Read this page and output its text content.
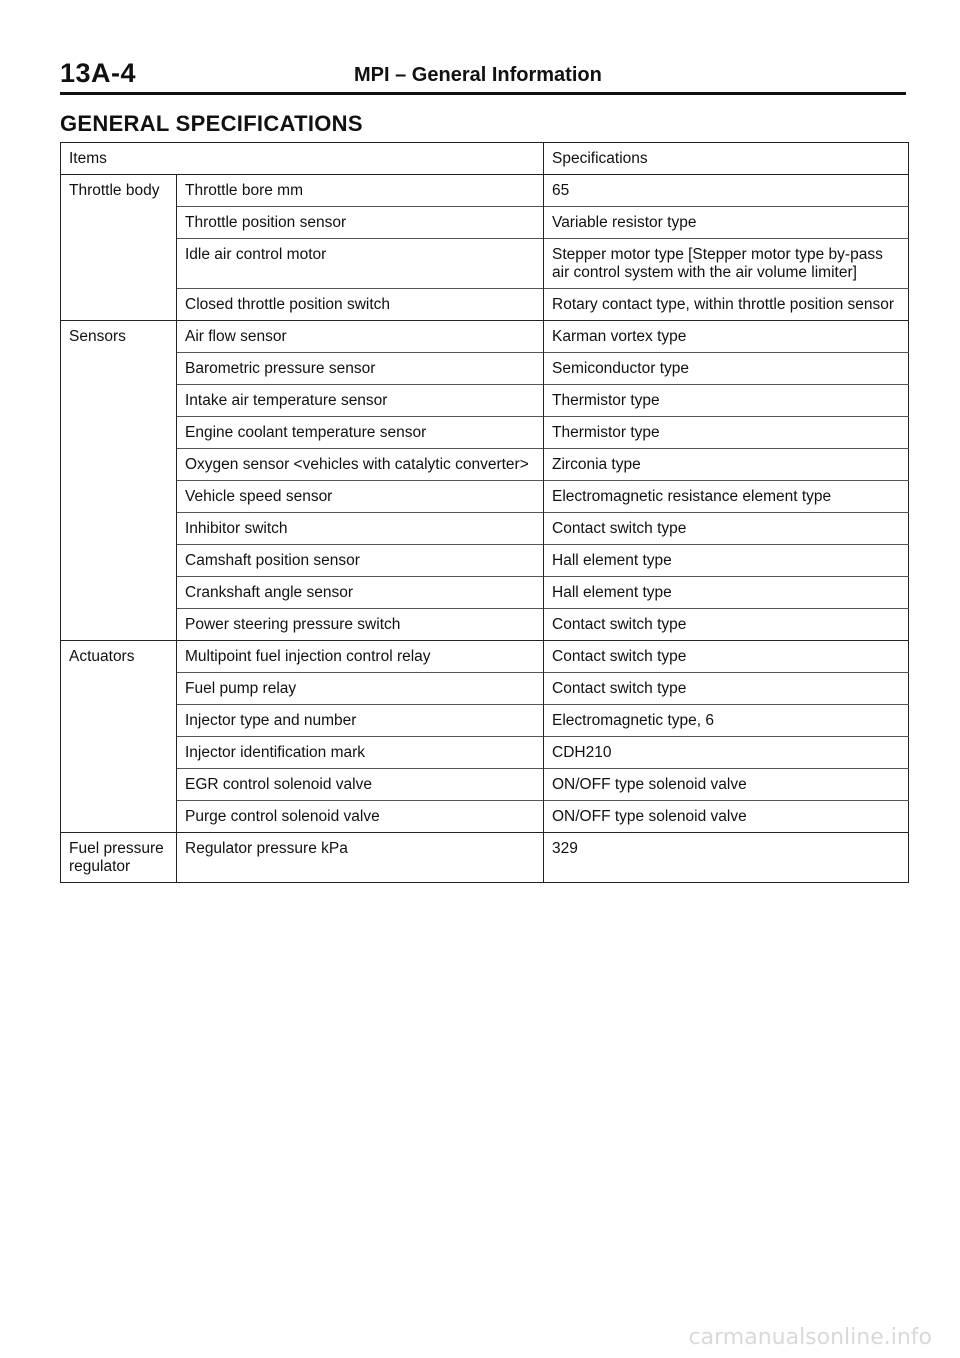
13A-4	MPI – General Information
GENERAL SPECIFICATIONS
Items		Specifications
Throttle body	Throttle bore mm	65
	Throttle position sensor	Variable resistor type
	Idle air control motor	Stepper motor type [Stepper motor type by-pass air control system with the air volume limiter]
	Closed throttle position switch	Rotary contact type, within throttle position sensor
Sensors	Air flow sensor	Karman vortex type
	Barometric pressure sensor	Semiconductor type
	Intake air temperature sensor	Thermistor type
	Engine coolant temperature sensor	Thermistor type
	Oxygen sensor <vehicles with catalytic converter>	Zirconia type
	Vehicle speed sensor	Electromagnetic resistance element type
	Inhibitor switch	Contact switch type
	Camshaft position sensor	Hall element type
	Crankshaft angle sensor	Hall element type
	Power steering pressure switch	Contact switch type
Actuators	Multipoint fuel injection control relay	Contact switch type
	Fuel pump relay	Contact switch type
	Injector type and number	Electromagnetic type, 6
	Injector identification mark	CDH210
	EGR control solenoid valve	ON/OFF type solenoid valve
	Purge control solenoid valve	ON/OFF type solenoid valve
Fuel pressure regulator	Regulator pressure kPa	329
carmanualsonline.info
